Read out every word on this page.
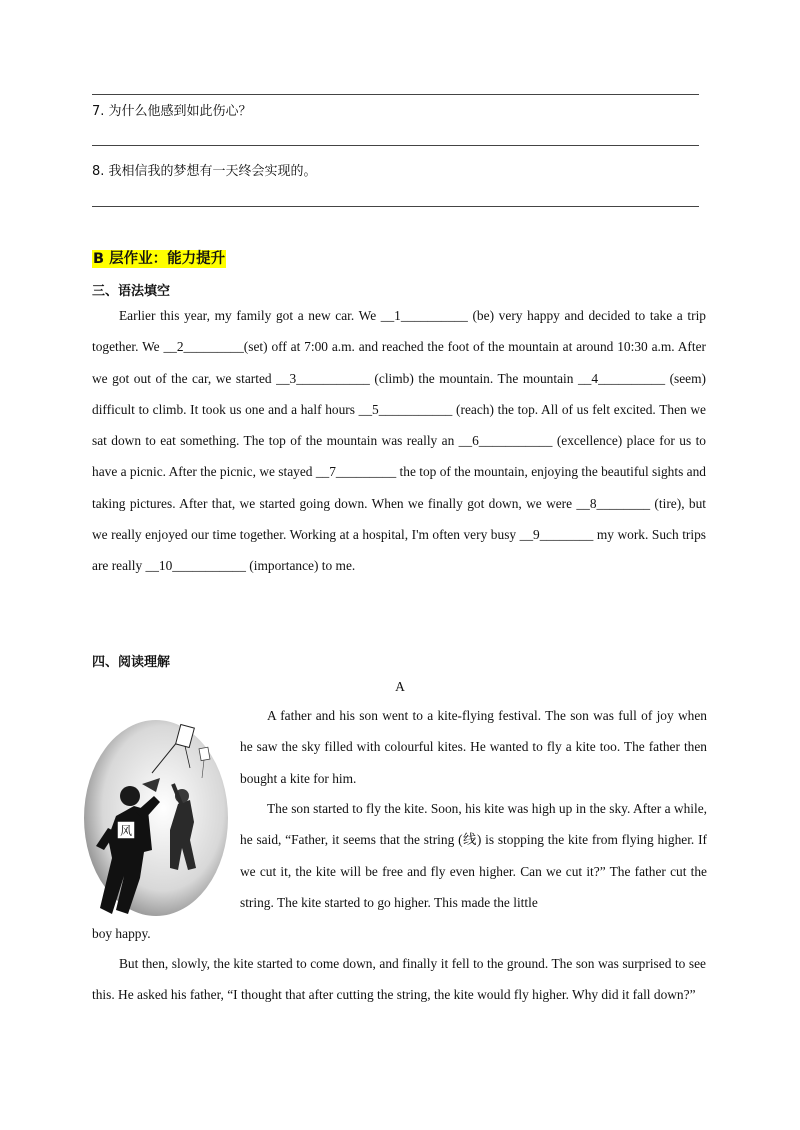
7. 为什么他感到如此伤心？
8. 我相信我的梦想有一天终会实现的。
B 层作业：能力提升
三、语法填空
Earlier this year, my family got a new car. We __1__________ (be) very happy and decided to take a trip together. We __2_________(set) off at 7:00 a.m. and reached the foot of the mountain at around 10:30 a.m. After we got out of the car, we started __3___________ (climb) the mountain. The mountain __4__________ (seem) difficult to climb. It took us one and a half hours __5___________ (reach) the top. All of us felt excited. Then we sat down to eat something. The top of the mountain was really an __6___________ (excellence) place for us to have a picnic. After the picnic, we stayed __7_________ the top of the mountain, enjoying the beautiful sights and taking pictures. After that, we started going down. When we finally got down, we were __8________ (tire), but we really enjoyed our time together. Working at a hospital, I'm often very busy __9________ my work. Such trips are really __10___________ (importance) to me.
四、阅读理解
A
风
A father and his son went to a kite-flying festival. The son was full of joy when he saw the sky filled with colourful kites. He wanted to fly a kite too. The father then bought a kite for him.
The son started to fly the kite. Soon, his kite was high up in the sky. After a while, he said, “Father, it seems that the string (线) is stopping the kite from flying higher. If we cut it, the kite will be free and fly even higher. Can we cut it?” The father cut the string. The kite started to go higher. This made the little
boy happy.
But then, slowly, the kite started to come down, and finally it fell to the ground. The son was surprised to see this. He asked his father, “I thought that after cutting the string, the kite would fly higher. Why did it fall down?”
